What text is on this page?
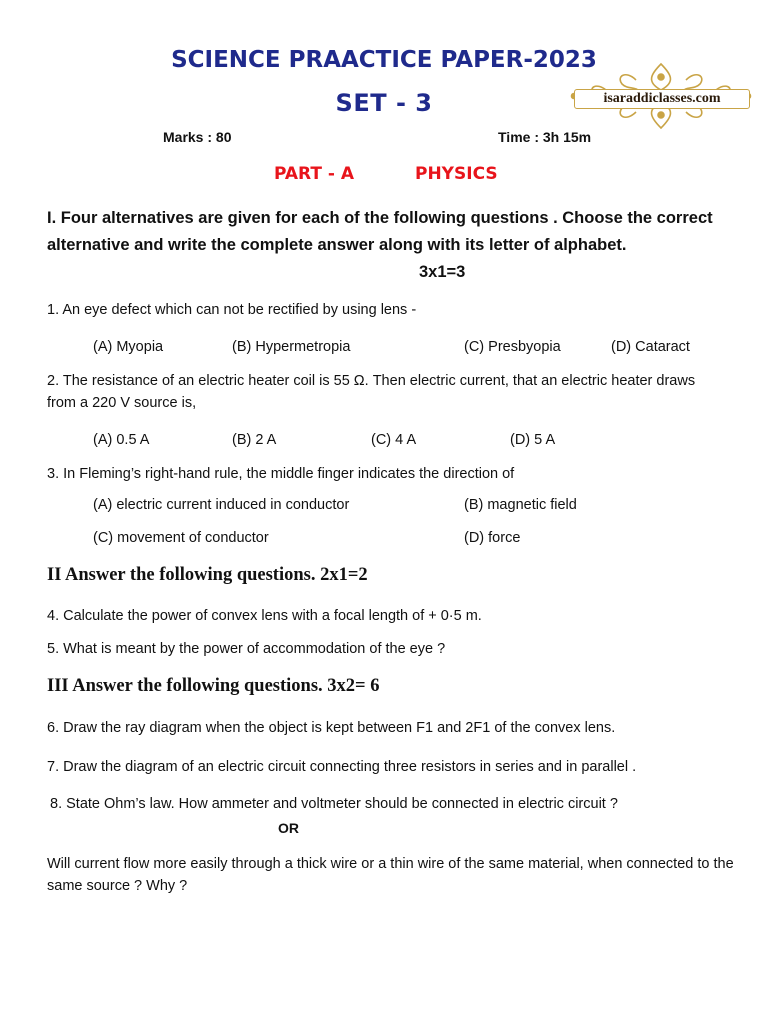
SCIENCE PRAACTICE PAPER-2023
SET - 3	isaraddiclasses.com
Marks : 80	Time : 3h 15m
PART - A	PHYSICS
I. Four alternatives are given for each of the following questions . Choose the correct alternative and write the complete answer along with its letter of alphabet.
3x1=3
1. An eye defect which can not be rectified by using lens -
(A) Myopia	(B) Hypermetropia	(C) Presbyopia	(D) Cataract
2. The resistance of an electric heater coil is 55 Ω. Then electric current, that an electric heater draws from a 220 V source is,
(A) 0.5 A	(B) 2 A	(C) 4 A	(D) 5 A
3. In Fleming’s right-hand rule, the middle finger indicates the direction of
(A) electric current induced in conductor	(B) magnetic field
(C) movement of conductor	(D) force
II Answer the following questions. 2x1=2
4. Calculate the power of convex lens with a focal length of + 0·5 m.
5. What is meant by the power of accommodation of the eye ?
III Answer the following questions. 3x2= 6
6. Draw the ray diagram when the object is kept between F1 and 2F1 of the convex lens.
7. Draw the diagram of an electric circuit connecting three resistors in series and in parallel .
8. State Ohm’s law. How ammeter and voltmeter should be connected in electric circuit ?
OR
Will current flow more easily through a thick wire or a thin wire of the same material, when connected to the same source ? Why ?
